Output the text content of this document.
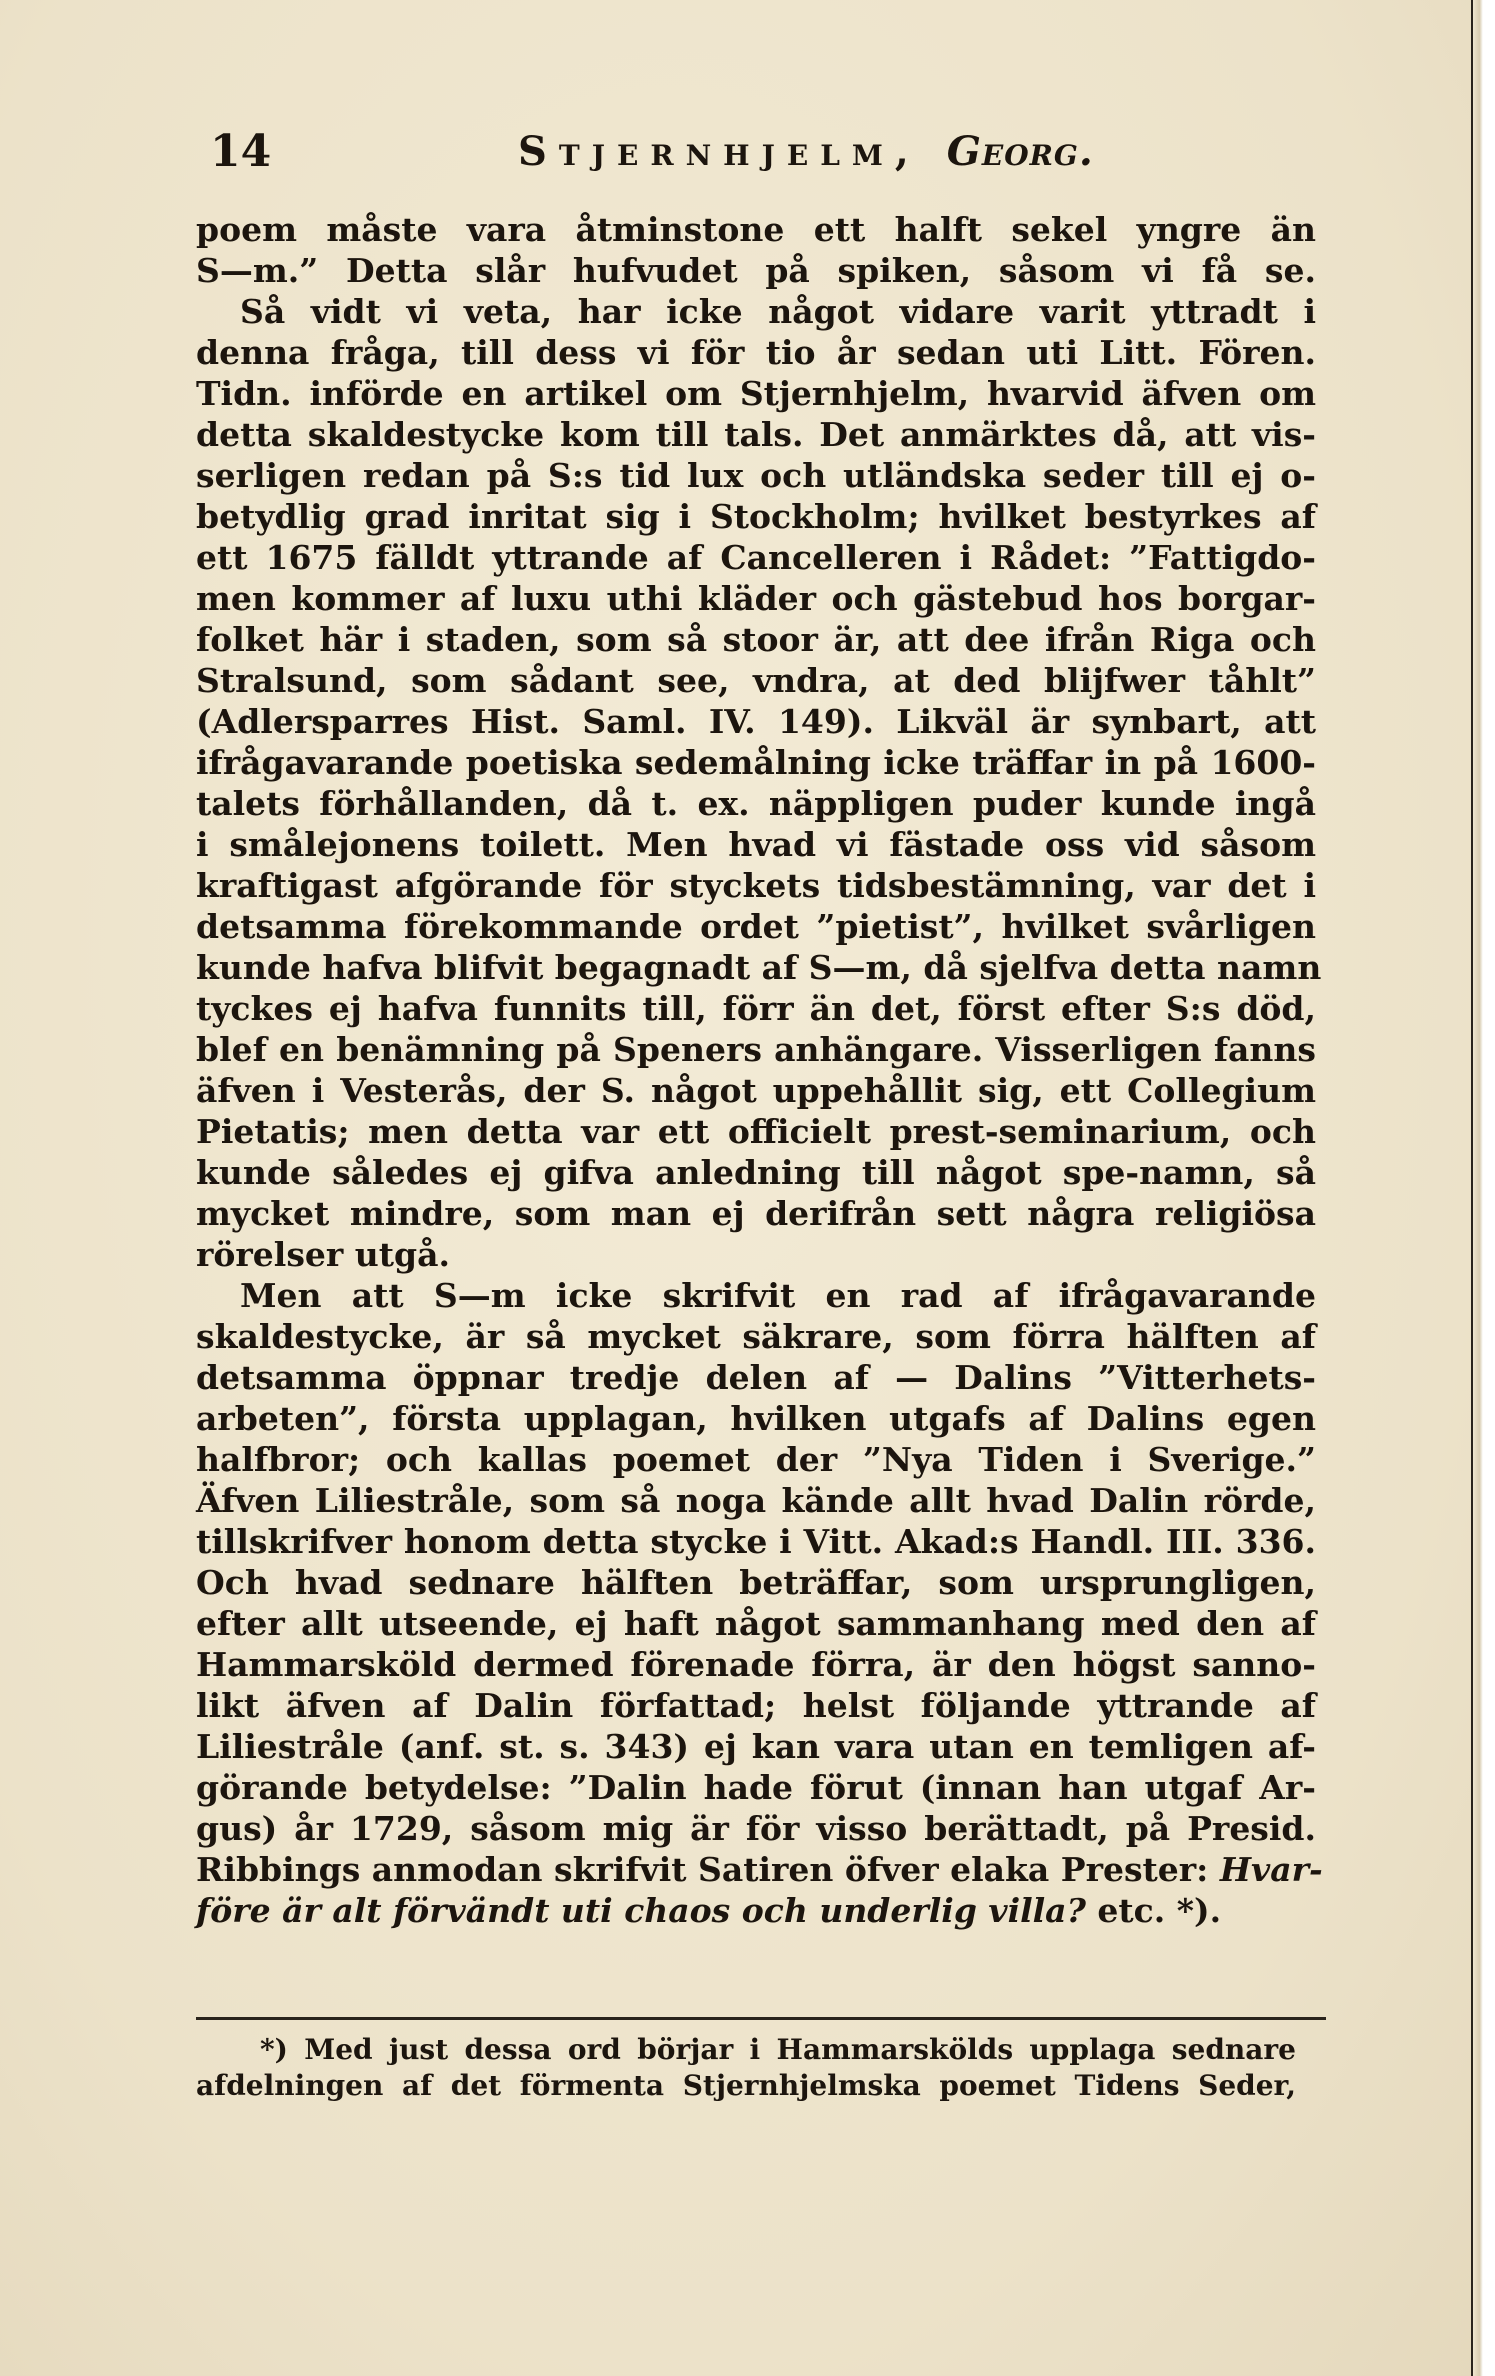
14	Stjernhjelm, Georg.
poem måste vara åtminstone ett halft sekel yngre än
S—m.” Detta slår hufvudet på spiken, såsom vi få se.
Så vidt vi veta, har icke något vidare varit yttradt i
denna fråga, till dess vi för tio år sedan uti Litt. Fören.
Tidn. införde en artikel om Stjernhjelm, hvarvid äfven om
detta skaldestycke kom till tals. Det anmärktes då, att vis-
serligen redan på S:s tid lux och utländska seder till ej o-
betydlig grad inritat sig i Stockholm; hvilket bestyrkes af
ett 1675 fälldt yttrande af Cancelleren i Rådet: ”Fattigdo-
men kommer af luxu uthi kläder och gästebud hos borgar-
folket här i staden, som så stoor är, att dee ifrån Riga och
Stralsund, som sådant see, vndra, at ded blijfwer tåhlt”
(Adlersparres Hist. Saml. IV. 149). Likväl är synbart, att
ifrågavarande poetiska sedemålning icke träffar in på 1600-
talets förhållanden, då t. ex. näppligen puder kunde ingå
i smålejonens toilett. Men hvad vi fästade oss vid såsom
kraftigast afgörande för styckets tidsbestämning, var det i
detsamma förekommande ordet ”pietist”, hvilket svårligen
kunde hafva blifvit begagnadt af S—m, då sjelfva detta namn
tyckes ej hafva funnits till, förr än det, först efter S:s död,
blef en benämning på Speners anhängare. Visserligen fanns
äfven i Vesterås, der S. något uppehållit sig, ett Collegium
Pietatis; men detta var ett officielt prest-seminarium, och
kunde således ej gifva anledning till något spe-namn, så
mycket mindre, som man ej derifrån sett några religiösa
rörelser utgå.
Men att S—m icke skrifvit en rad af ifrågavarande
skaldestycke, är så mycket säkrare, som förra hälften af
detsamma öppnar tredje delen af — Dalins ”Vitterhets-
arbeten”, första upplagan, hvilken utgafs af Dalins egen
halfbror; och kallas poemet der ”Nya Tiden i Sverige.”
Äfven Liliestråle, som så noga kände allt hvad Dalin rörde,
tillskrifver honom detta stycke i Vitt. Akad:s Handl. III. 336.
Och hvad sednare hälften beträffar, som ursprungligen,
efter allt utseende, ej haft något sammanhang med den af
Hammarsköld dermed förenade förra, är den högst sanno-
likt äfven af Dalin författad; helst följande yttrande af
Liliestråle (anf. st. s. 343) ej kan vara utan en temligen af-
görande betydelse: ”Dalin hade förut (innan han utgaf Ar-
gus) år 1729, såsom mig är för visso berättadt, på Presid.
Ribbings anmodan skrifvit Satiren öfver elaka Prester: Hvar-
före är alt förvändt uti chaos och underlig villa? etc. *).
*) Med just dessa ord börjar i Hammarskölds upplaga sednare
afdelningen af det förmenta Stjernhjelmska poemet Tidens Seder,
